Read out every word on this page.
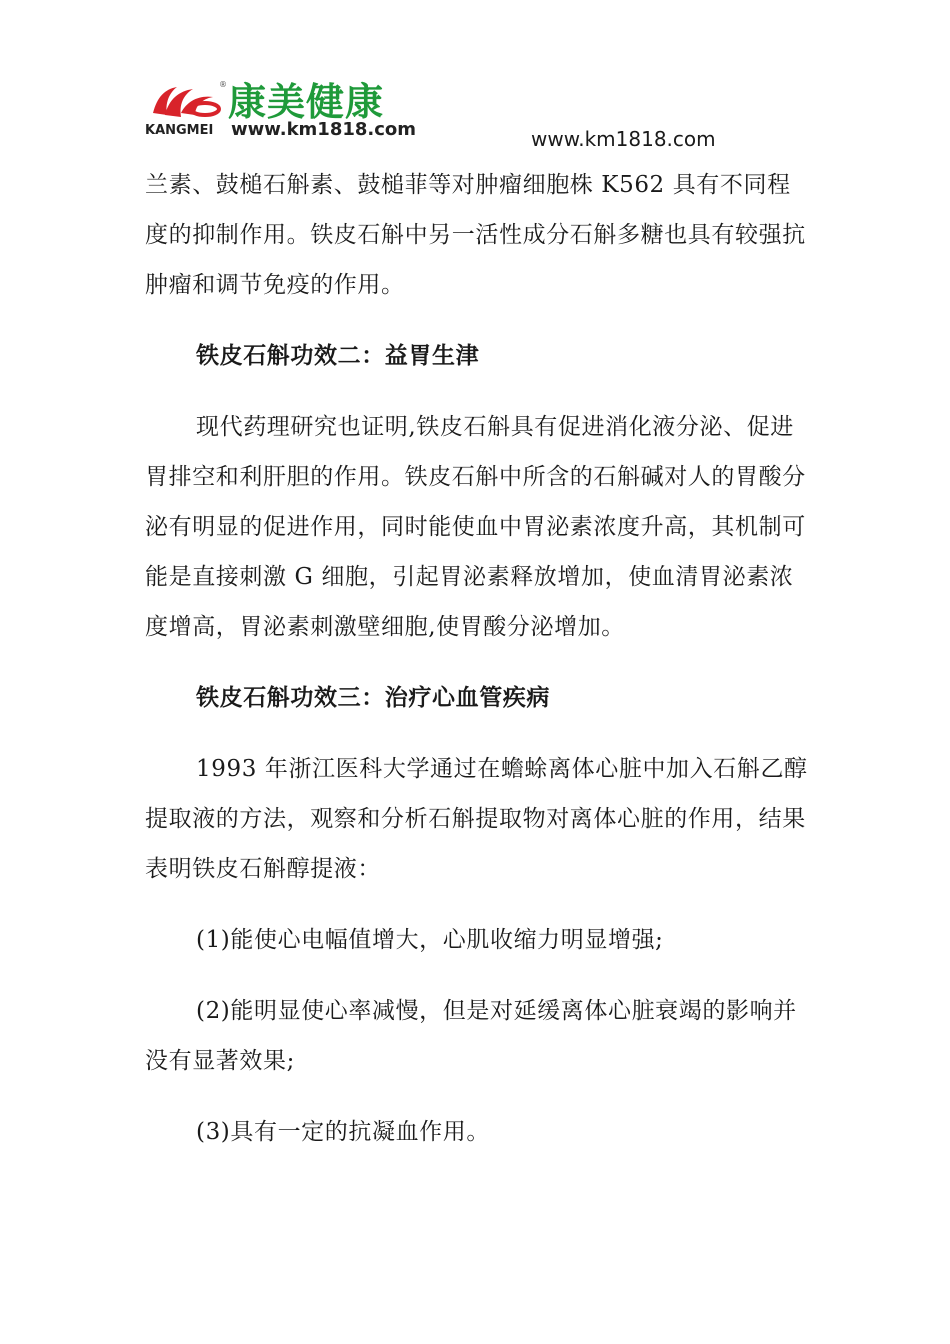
® 康美健康
KANGMEI www.km1818.com	www.km1818.com

兰素、鼓槌石斛素、鼓槌菲等对肿瘤细胞株 K562 具有不同程度的抑制作用。铁皮石斛中另一活性成分石斛多糖也具有较强抗肿瘤和调节免疫的作用。

铁皮石斛功效二：益胃生津

现代药理研究也证明,铁皮石斛具有促进消化液分泌、促进胃排空和利肝胆的作用。铁皮石斛中所含的石斛碱对人的胃酸分泌有明显的促进作用，同时能使血中胃泌素浓度升高，其机制可能是直接刺激 G 细胞，引起胃泌素释放增加，使血清胃泌素浓度增高，胃泌素刺激壁细胞,使胃酸分泌增加。

铁皮石斛功效三：治疗心血管疾病

1993 年浙江医科大学通过在蟾蜍离体心脏中加入石斛乙醇提取液的方法，观察和分析石斛提取物对离体心脏的作用，结果表明铁皮石斛醇提液：

(1)能使心电幅值增大，心肌收缩力明显增强;

(2)能明显使心率减慢，但是对延缓离体心脏衰竭的影响并没有显著效果;

(3)具有一定的抗凝血作用。
